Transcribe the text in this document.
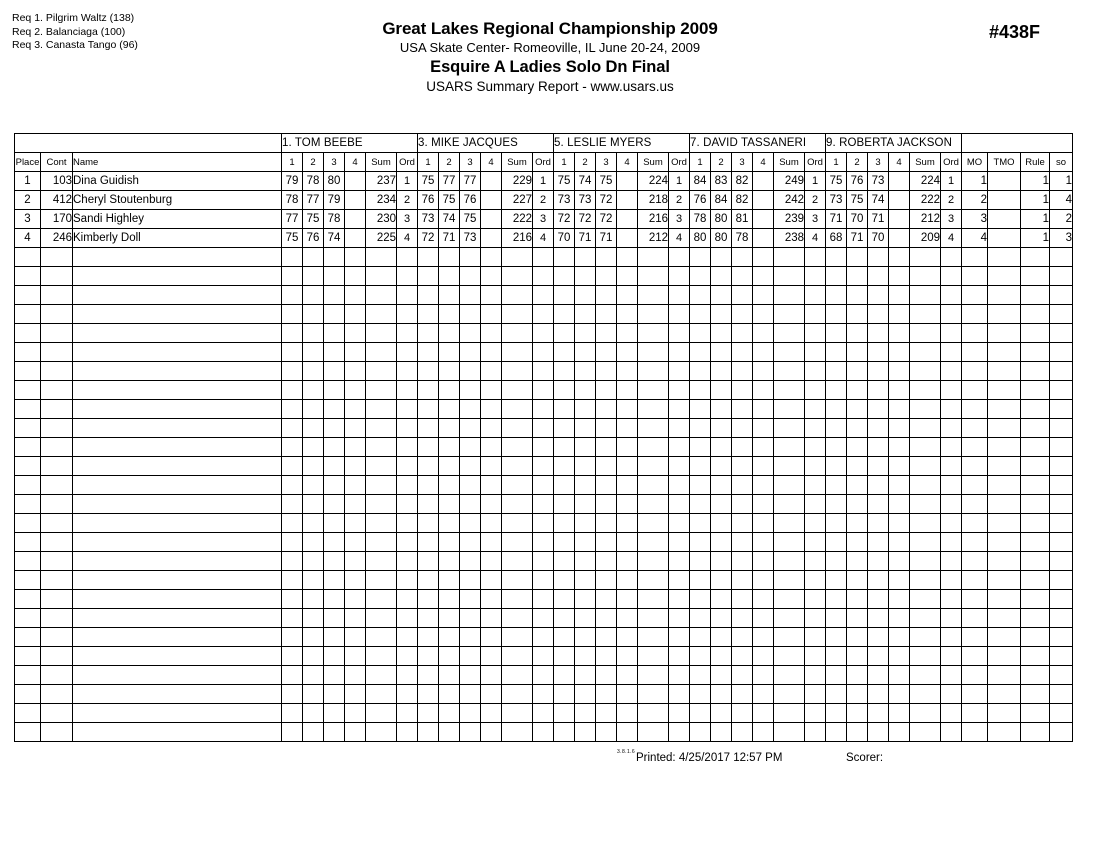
Req 1. Pilgrim Waltz (138)
Req 2. Balanciaga (100)
Req 3. Canasta Tango (96)
Great Lakes Regional Championship 2009
USA Skate Center- Romeoville, IL June 20-24, 2009
Esquire A Ladies Solo Dn Final
USARS Summary Report - www.usars.us
#438F
			1. TOM BEEBE						3. MIKE JACQUES						5. LESLIE MYERS						7. DAVID TASSANERI						9. ROBERTA JACKSON									
Place	Cont	Name	1	2	3	4	Sum	Ord	1	2	3	4	Sum	Ord	1	2	3	4	Sum	Ord	1	2	3	4	Sum	Ord	1	2	3	4	Sum	Ord	MO	TMO	Rule	so
1	103	Dina Guidish	79	78	80		237	1	75	77	77		229	1	75	74	75		224	1	84	83	82		249	1	75	76	73		224	1	1		1	1
2	412	Cheryl Stoutenburg	78	77	79		234	2	76	75	76		227	2	73	73	72		218	2	76	84	82		242	2	73	75	74		222	2	2		1	4
3	170	Sandi Highley	77	75	78		230	3	73	74	75		222	3	72	72	72		216	3	78	80	81		239	3	71	70	71		212	3	3		1	2
4	246	Kimberly Doll	75	76	74		225	4	72	71	73		216	4	70	71	71		212	4	80	80	78		238	4	68	71	70		209	4	4		1	3

3.8.1.6 Printed: 4/25/2017 12:57 PM	Scorer:
